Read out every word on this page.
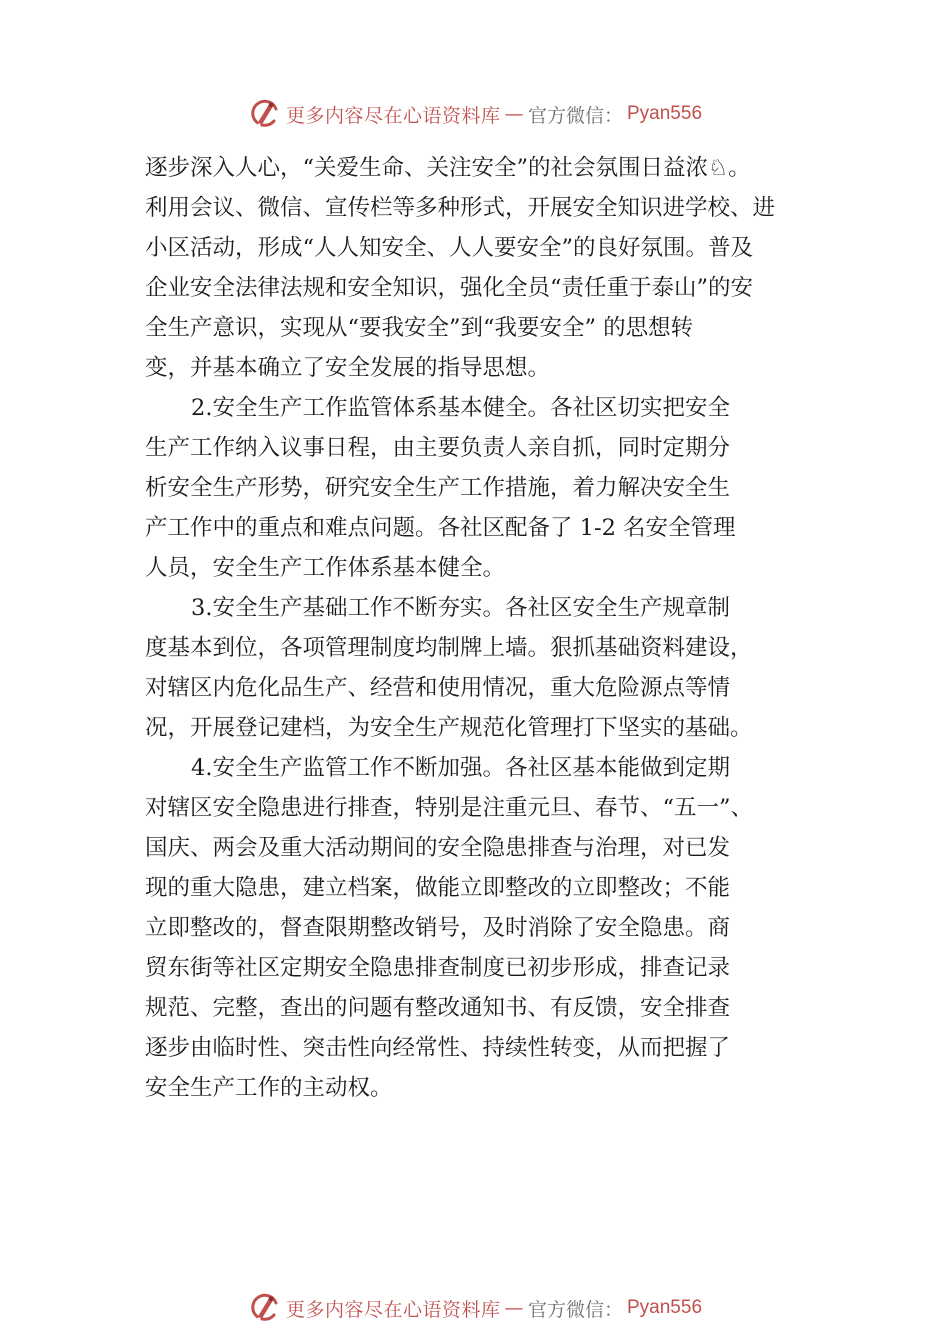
更多内容尽在心语资料库 — 官方微信： Pyan556
逐步深入人心，“关爱生命、关注安全”的社会氛围日益浓♘。
利用会议、微信、宣传栏等多种形式，开展安全知识进学校、进
小区活动，形成“人人知安全、人人要安全”的良好氛围。普及
企业安全法律法规和安全知识，强化全员“责任重于泰山”的安
全生产意识，实现从“要我安全”到“我要安全” 的思想转
变，并基本确立了安全发展的指导思想。
2.安全生产工作监管体系基本健全。各社区切实把安全
生产工作纳入议事日程，由主要负责人亲自抓，同时定期分
析安全生产形势，研究安全生产工作措施，着力解决安全生
产工作中的重点和难点问题。各社区配备了 1-2 名安全管理
人员，安全生产工作体系基本健全。
3.安全生产基础工作不断夯实。各社区安全生产规章制
度基本到位，各项管理制度均制牌上墙。狠抓基础资料建设，
对辖区内危化品生产、经营和使用情况，重大危险源点等情
况，开展登记建档，为安全生产规范化管理打下坚实的基础。
4.安全生产监管工作不断加强。各社区基本能做到定期
对辖区安全隐患进行排查，特别是注重元旦、春节、“五一”、
国庆、两会及重大活动期间的安全隐患排查与治理，对已发
现的重大隐患，建立档案，做能立即整改的立即整改；不能
立即整改的，督查限期整改销号，及时消除了安全隐患。商
贸东街等社区定期安全隐患排查制度已初步形成，排查记录
规范、完整，查出的问题有整改通知书、有反馈，安全排查
逐步由临时性、突击性向经常性、持续性转变，从而把握了
安全生产工作的主动权。
更多内容尽在心语资料库 — 官方微信： Pyan556
